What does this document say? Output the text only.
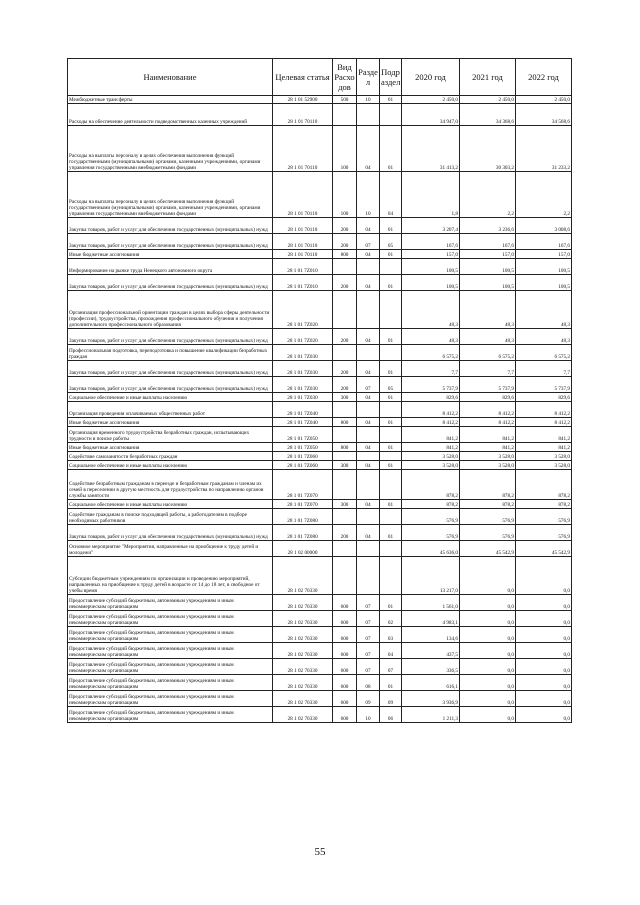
Наименование	Целевая статья	Вид Расхо дов	Разде л	Подр аздел	2020 год	2021 год	2022 год
Межбюджетные трансферты	28 1 01 52900	500	10	01	2 450,0	2 450,0	2 450,0
Расходы на обеспечение деятельности подведомственных казенных учреждений	28 1 01 70110				34 947,0	34 368,6	34 568,6
Расходы на выплаты персоналу в целях обеспечения выполнения функций государственными (муниципальными) органами, казенными учреждениями, органами управления государственными внебюджетными фондами	28 1 01 70110	100	04	01	31 413,2	30 303,2	31 233,2
Расходы на выплаты персоналу в целях обеспечения выполнения функций государственными (муниципальными) органами, казенными учреждениями, органами управления государственными внебюджетными фондами	28 1 01 70110	100	10	04	1,8	2,2	2,2
Закупка товаров, работ и услуг для обеспечения государственных (муниципальных) нужд	28 1 01 70110	200	04	01	3 207,4	3 236,6	3 008,6
Закупка товаров, работ и услуг для обеспечения государственных (муниципальных) нужд	28 1 01 70110	200	07	05	167,6	167,6	167,6
Иные бюджетные ассигнования	28 1 01 70110	800	04	01	157,0	157,0	157,0
Информирование на рынке труда Ненецкого автономного округа	28 1 01 7Z010				100,5	100,5	100,5
Закупка товаров, работ и услуг для обеспечения государственных (муниципальных) нужд	28 1 01 7Z010	200	04	01	100,5	100,5	100,5
Организация профессиональной ориентации граждан в целях выбора сферы деятельности (профессии), трудоустройства, прохождения профессионального обучения и получения дополнительного профессионального образования	28 1 01 7Z020				48,3	48,3	48,3
Закупка товаров, работ и услуг для обеспечения государственных (муниципальных) нужд	28 1 01 7Z020	200	04	01	48,3	48,3	48,3
Профессиональная подготовка, переподготовка и повышение квалификации безработных граждан	28 1 01 7Z030				6 575,2	6 575,2	6 575,2
Закупка товаров, работ и услуг для обеспечения государственных (муниципальных) нужд	28 1 01 7Z030	200	04	01	7,7	7,7	7,7
Закупка товаров, работ и услуг для обеспечения государственных (муниципальных) нужд	28 1 01 7Z030	200	07	05	5 737,9	5 737,9	5 737,9
Социальное обеспечение и иные выплаты населению	28 1 01 7Z030	300	04	01	829,6	829,6	829,6
Организация проведения оплачиваемых общественных работ	28 1 01 7Z040				8 412,2	8 412,2	8 412,2
Иные бюджетные ассигнования	28 1 01 7Z040	800	04	01	8 412,2	8 412,2	8 412,2
Организация временного трудоустройства безработных граждан, испытывающих трудности в поиске работы	28 1 01 7Z050				841,2	841,2	841,2
Иные бюджетные ассигнования	28 1 01 7Z050	800	04	01	841,2	841,2	841,2
Содействие самозанятости безработных граждан	28 1 01 7Z060				3 528,0	3 528,0	3 528,0
Социальное обеспечение и иные выплаты населению	28 1 01 7Z060	300	04	01	3 528,0	3 528,0	3 528,0
Содействие безработным гражданам в переезде и безработным гражданам и членам их семей в переселении в другую местность для трудоустройства по направлению органов службы занятости	28 1 01 7Z070				878,2	878,2	878,2
Социальное обеспечение и иные выплаты населению	28 1 01 7Z070	300	04	01	878,2	878,2	878,2
Содействие гражданам в поиске подходящей работы, а работодателям в подборе необходимых работников	28 1 01 7Z080				576,9	576,9	576,9
Закупка товаров, работ и услуг для обеспечения государственных (муниципальных) нужд	28 1 01 7Z080	200	04	01	576,9	576,9	576,9
Основное мероприятие "Мероприятия, направленные на приобщение к труду детей и молодежи"	28 1 02 00000				45 636,0	45 542,9	45 542,9
Субсидии бюджетным учреждениям по организации и проведению мероприятий, направленных на приобщение к труду детей в возрасте от 14 до 18 лет, в свободное от учебы время	28 1 02 70330				13 217,0	0,0	0,0
Предоставление субсидий бюджетным, автономным учреждениям и иным некоммерческим организациям	28 1 02 70330	600	07	01	1 561,0	0,0	0,0
Предоставление субсидий бюджетным, автономным учреждениям и иным некоммерческим организациям	28 1 02 70330	600	07	02	4 983,1	0,0	0,0
Предоставление субсидий бюджетным, автономным учреждениям и иным некоммерческим организациям	28 1 02 70330	600	07	03	134,6	0,0	0,0
Предоставление субсидий бюджетным, автономным учреждениям и иным некоммерческим организациям	28 1 02 70330	600	07	04	437,5	0,0	0,0
Предоставление субсидий бюджетным, автономным учреждениям и иным некоммерческим организациям	28 1 02 70330	600	07	07	336,5	0,0	0,0
Предоставление субсидий бюджетным, автономным учреждениям и иным некоммерческим организациям	28 1 02 70330	600	08	01	616,1	0,0	0,0
Предоставление субсидий бюджетным, автономным учреждениям и иным некоммерческим организациям	28 1 02 70330	600	09	09	3 936,9	0,0	0,0
Предоставление субсидий бюджетным, автономным учреждениям и иным некоммерческим организациям	28 1 02 70330	600	10	06	1 211,3	0,0	0,0
55
